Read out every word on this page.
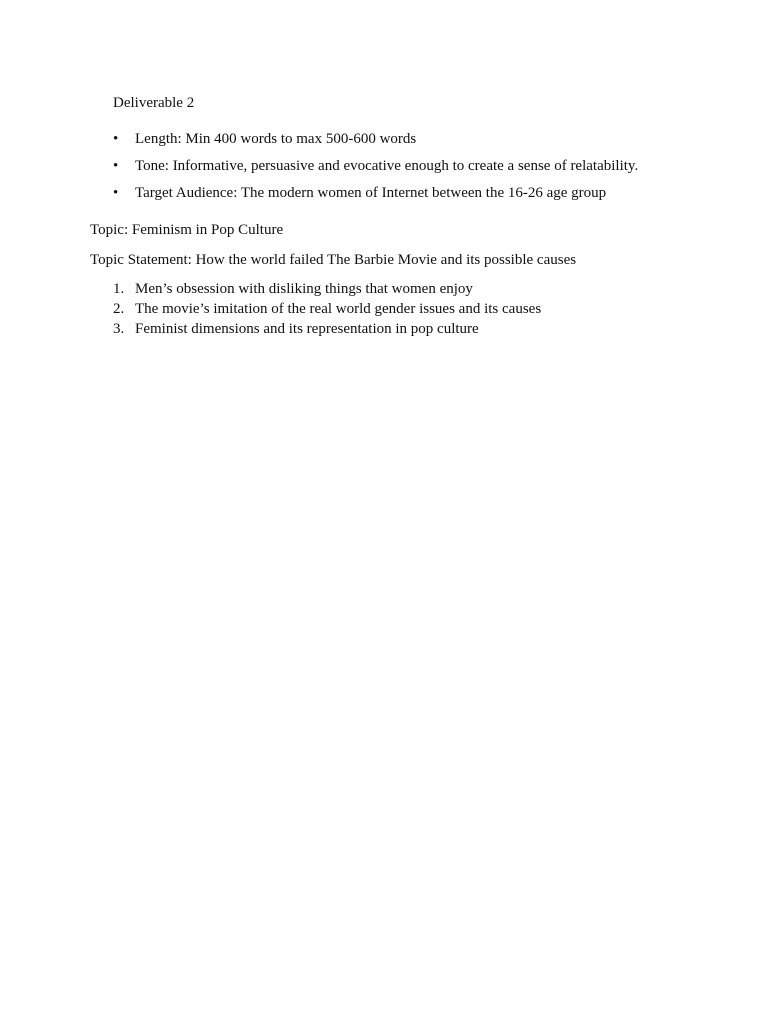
Deliverable 2

•	Length: Min 400 words to max 500-600 words
•	Tone: Informative, persuasive and evocative enough to create a sense of relatability.
•	Target Audience: The modern women of Internet between the 16-26 age group

Topic: Feminism in Pop Culture

Topic Statement: How the world failed The Barbie Movie and its possible causes

1. Men’s obsession with disliking things that women enjoy
2. The movie’s imitation of the real world gender issues and its causes
3. Feminist dimensions and its representation in pop culture
